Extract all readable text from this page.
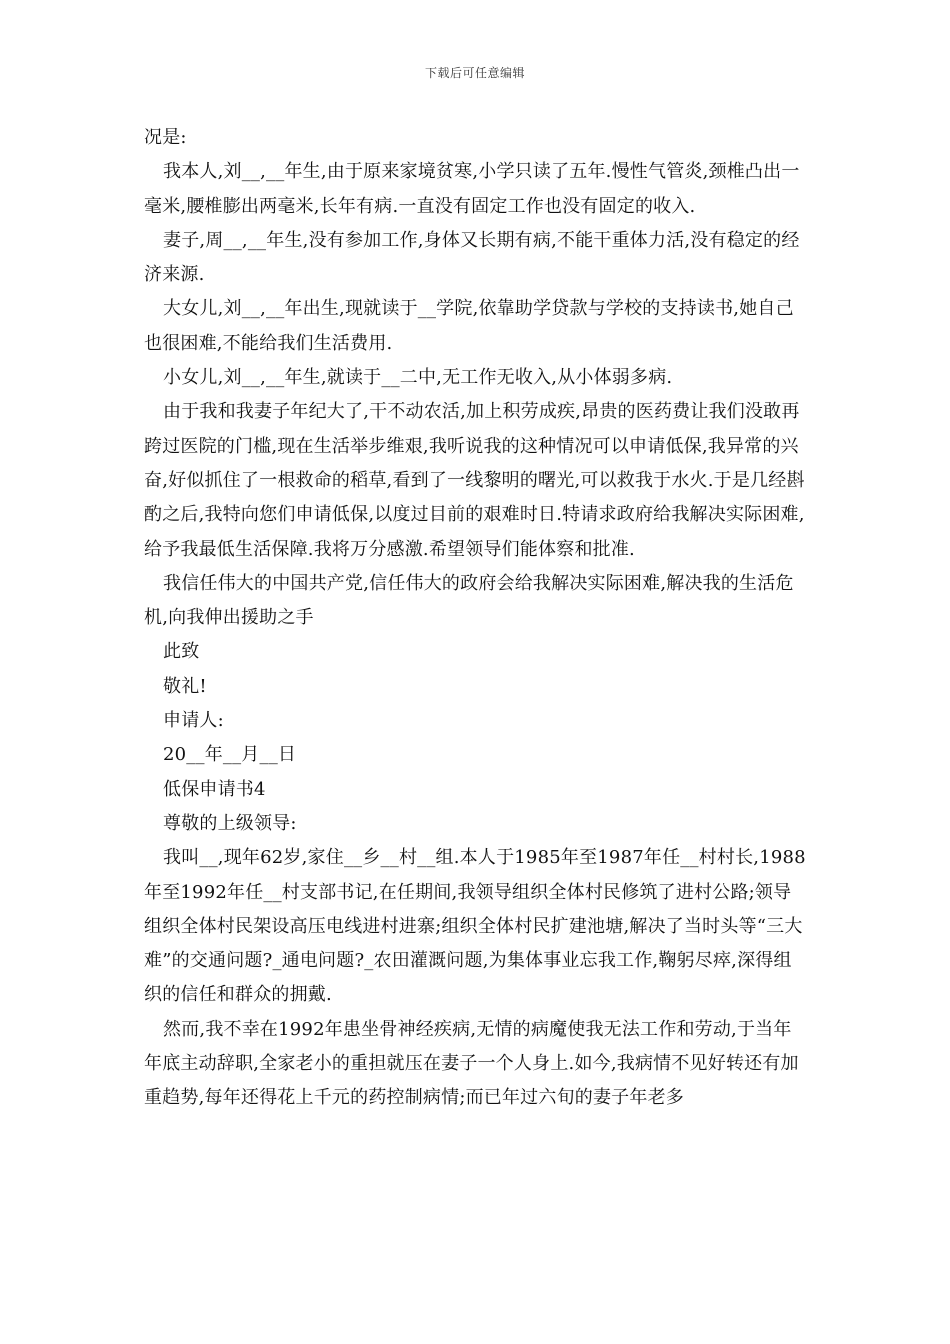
下载后可任意编辑

况是:

我本人,刘__,__年生,由于原来家境贫寒,小学只读了五年.慢性气管炎,颈椎凸出一毫米,腰椎膨出两毫米,长年有病.一直没有固定工作也没有固定的收入.

妻子,周__,__年生,没有参加工作,身体又长期有病,不能干重体力活,没有稳定的经济来源.

大女儿,刘__,__年出生,现就读于__学院,依靠助学贷款与学校的支持读书,她自己也很困难,不能给我们生活费用.

小女儿,刘__,__年生,就读于__二中,无工作无收入,从小体弱多病.

由于我和我妻子年纪大了,干不动农活,加上积劳成疾,昂贵的医药费让我们没敢再跨过医院的门槛,现在生活举步维艰,我听说我的这种情况可以申请低保,我异常的兴奋,好似抓住了一根救命的稻草,看到了一线黎明的曙光,可以救我于水火.于是几经斟酌之后,我特向您们申请低保,以度过目前的艰难时日.特请求政府给我解决实际困难,给予我最低生活保障.我将万分感激.希望领导们能体察和批准.

我信任伟大的中国共产党,信任伟大的政府会给我解决实际困难,解决我的生活危机,向我伸出援助之手

此致

敬礼!

申请人:

20__年__月__日

低保申请书4

尊敬的上级领导:

我叫__,现年62岁,家住__乡__村__组.本人于1985年至1987年任__村村长,1988年至1992年任__村支部书记,在任期间,我领导组织全体村民修筑了进村公路;领导组织全体村民架设高压电线进村进寨;组织全体村民扩建池塘,解决了当时头等“三大难”的交通问题?_通电问题?_农田灌溉问题,为集体事业忘我工作,鞠躬尽瘁,深得组织的信任和群众的拥戴.

然而,我不幸在1992年患坐骨神经疾病,无情的病魔使我无法工作和劳动,于当年年底主动辞职,全家老小的重担就压在妻子一个人身上.如今,我病情不见好转还有加重趋势,每年还得花上千元的药控制病情;而已年过六旬的妻子年老多
